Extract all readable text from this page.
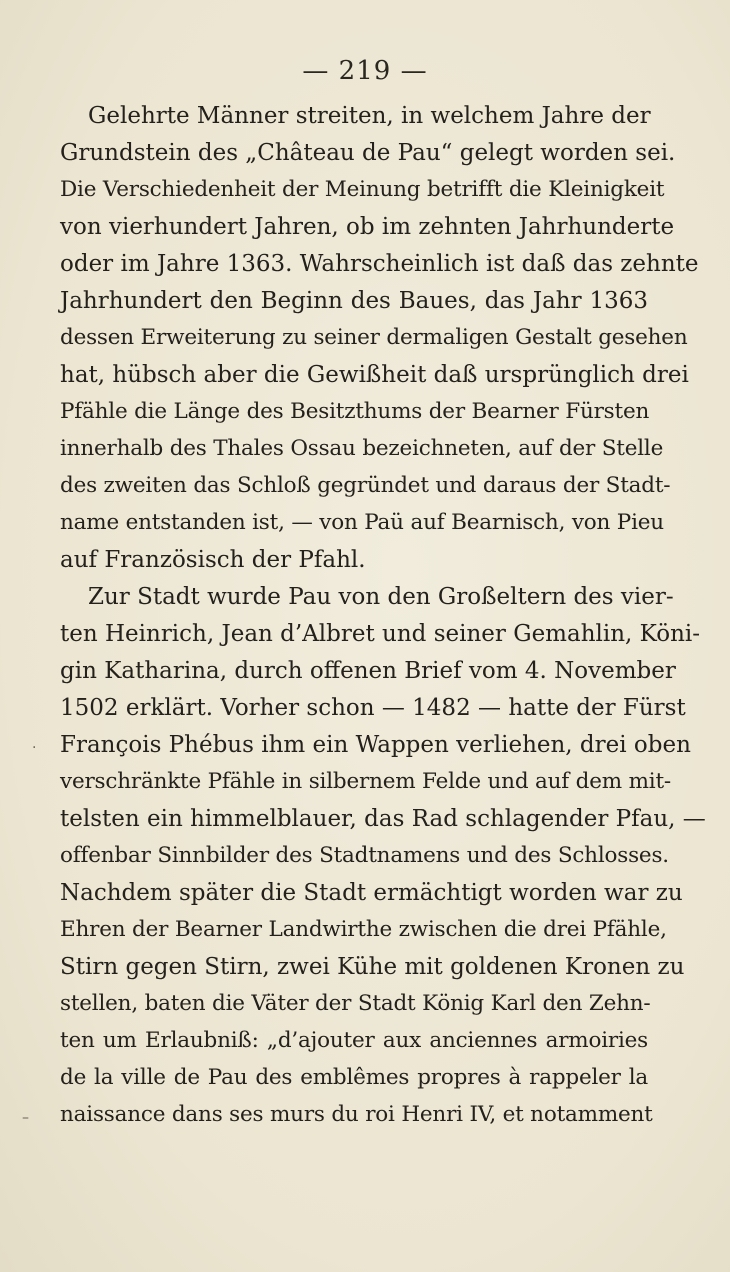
— 219 —
Gelehrte Männer streiten, in welchem Jahre der
Grundstein des „Château de Pau“ gelegt worden sei.
Die Verschiedenheit der Meinung betrifft die Kleinigkeit
von vierhundert Jahren, ob im zehnten Jahrhunderte
oder im Jahre 1363. Wahrscheinlich ist daß das zehnte
Jahrhundert den Beginn des Baues, das Jahr 1363
dessen Erweiterung zu seiner dermaligen Gestalt gesehen
hat, hübsch aber die Gewißheit daß ursprünglich drei
Pfähle die Länge des Besitzthums der Bearner Fürsten
innerhalb des Thales Ossau bezeichneten, auf der Stelle
des zweiten das Schloß gegründet und daraus der Stadt-
name entstanden ist, — von Paü auf Bearnisch, von Pieu
auf Französisch der Pfahl.
Zur Stadt wurde Pau von den Großeltern des vier-
ten Heinrich, Jean d’Albret und seiner Gemahlin, Köni-
gin Katharina, durch offenen Brief vom 4. November
1502 erklärt. Vorher schon — 1482 — hatte der Fürst
François Phébus ihm ein Wappen verliehen, drei oben
verschränkte Pfähle in silbernem Felde und auf dem mit-
telsten ein himmelblauer, das Rad schlagender Pfau, —
offenbar Sinnbilder des Stadtnamens und des Schlosses.
Nachdem später die Stadt ermächtigt worden war zu
Ehren der Bearner Landwirthe zwischen die drei Pfähle,
Stirn gegen Stirn, zwei Kühe mit goldenen Kronen zu
stellen, baten die Väter der Stadt König Karl den Zehn-
ten um Erlaubniß: „d’ajouter aux anciennes armoiries
de la ville de Pau des emblêmes propres à rappeler la
naissance dans ses murs du roi Henri IV, et notamment
·
–
